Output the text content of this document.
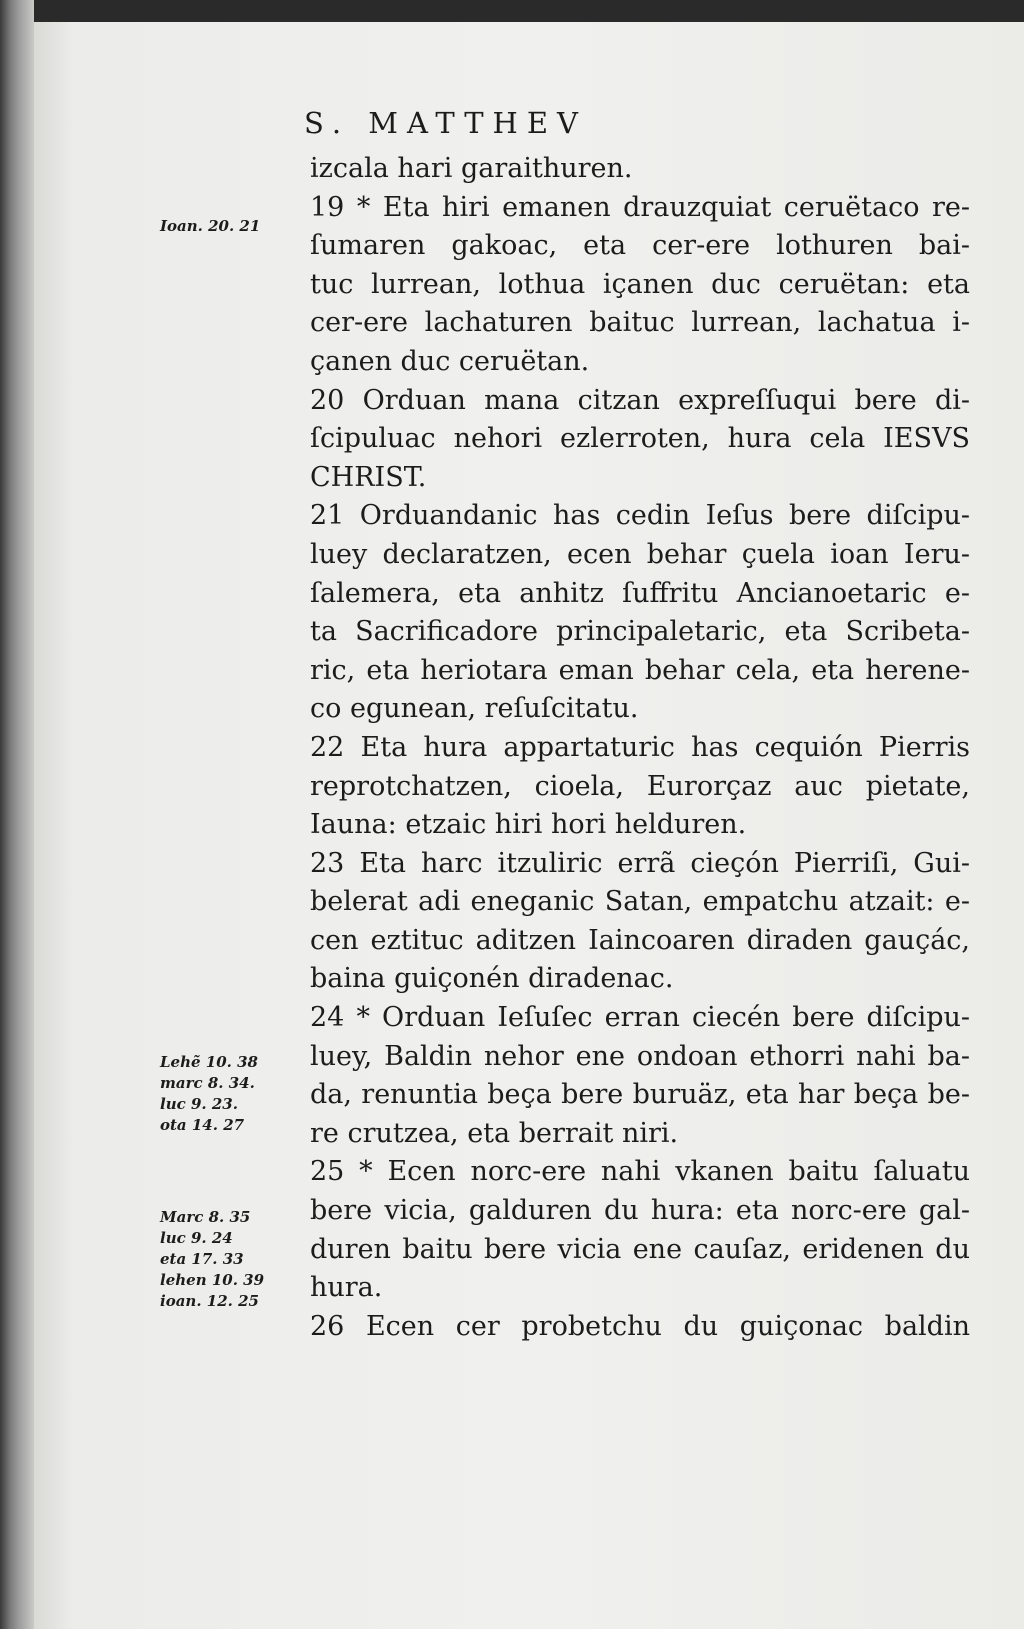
S. MATTHEV
izcala hari garaithuren.
19 * Eta hiri emanen drauzquiat ceruëtaco re-
ſumaren gakoac, eta cer-ere lothuren bai-
tuc lurrean, lothua içanen duc ceruëtan: eta
cer-ere lachaturen baituc lurrean, lachatua i-
çanen duc ceruëtan.
20 Orduan mana citzan expreſſuqui bere di-
ſcipuluac nehori ezlerroten, hura cela IESVS
CHRIST.
21 Orduandanic has cedin Ieſus bere diſcipu-
luey declaratzen, ecen behar çuela ioan Ieru-
ſalemera, eta anhitz ſuffritu Ancianoetaric e-
ta Sacrificadore principaletaric, eta Scribeta-
ric, eta heriotara eman behar cela, eta herene-
co egunean, reſuſcitatu.
22 Eta hura appartaturic has cequión Pierris
reprotchatzen, cioela, Eurorçaz auc pietate,
Iauna: etzaic hiri hori helduren.
23 Eta harc itzuliric errã cieçón Pierriſi, Gui-
belerat adi eneganic Satan, empatchu atzait: e-
cen eztituc aditzen Iaincoaren diraden gauçác,
baina guiçonén diradenac.
24 * Orduan Ieſuſec erran ciecén bere diſcipu-
luey, Baldin nehor ene ondoan ethorri nahi ba-
da, renuntia beça bere buruäz, eta har beça be-
re crutzea, eta berrait niri.
25 * Ecen norc-ere nahi vkanen baitu ſaluatu
bere vicia, galduren du hura: eta norc-ere gal-
duren baitu bere vicia ene cauſaz, eridenen du
hura.
26 Ecen cer probetchu du guiçonac baldin
Ioan. 20. 21
Lehẽ 10. 38
marc 8. 34.
luc 9. 23.
ota 14. 27
Marc 8. 35
luc 9. 24
eta 17. 33
lehen 10. 39
ioan. 12. 25
